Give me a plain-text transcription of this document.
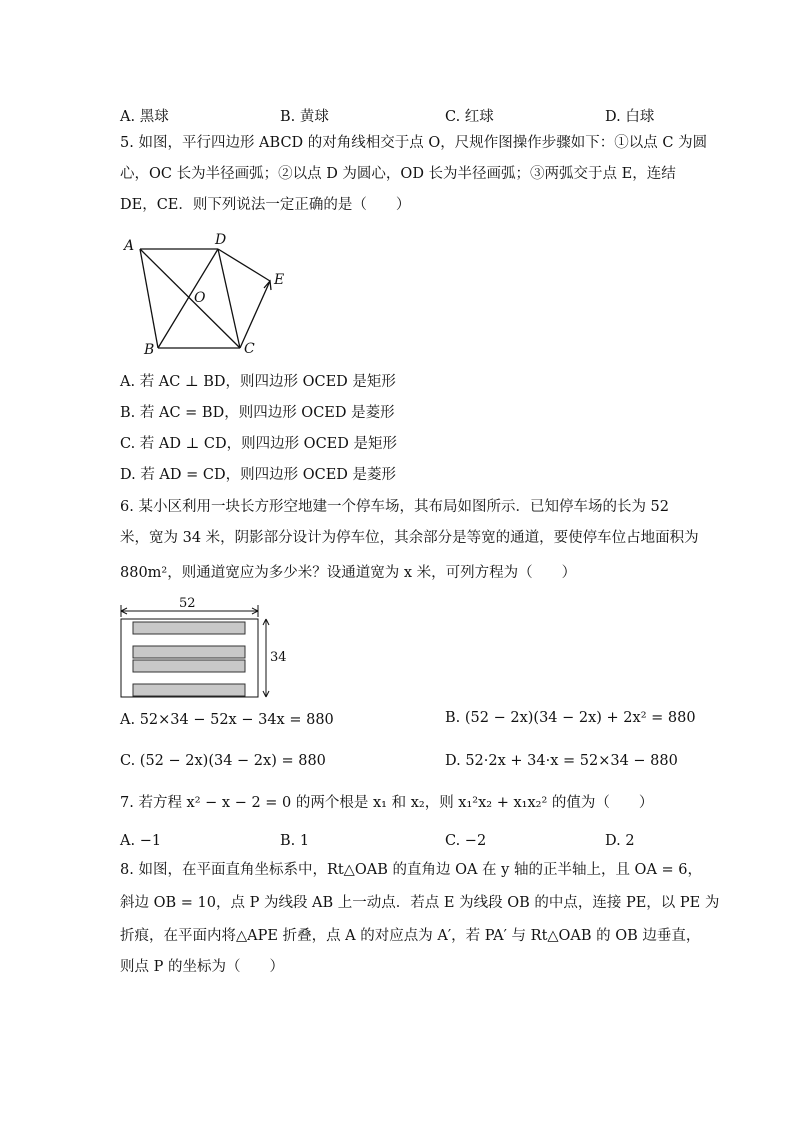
A. 黑球	B. 黄球	C. 红球	D. 白球
5. 如图，平行四边形 ABCD 的对角线相交于点 O，尺规作图操作步骤如下：①以点 C 为圆
心，OC 长为半径画弧；②以点 D 为圆心，OD 长为半径画弧；③两弧交于点 E，连结
DE，CE．则下列说法一定正确的是（　　）
A	D
O
E
B	C
A. 若 AC ⊥ BD，则四边形 OCED 是矩形
B. 若 AC = BD，则四边形 OCED 是菱形
C. 若 AD ⊥ CD，则四边形 OCED 是矩形
D. 若 AD = CD，则四边形 OCED 是菱形
6. 某小区利用一块长方形空地建一个停车场，其布局如图所示．已知停车场的长为 52
米，宽为 34 米，阴影部分设计为停车位，其余部分是等宽的通道，要使停车位占地面积为
880m²，则通道宽应为多少米？设通道宽为 x 米，可列方程为（　　）
52
34
A. 52×34 − 52x − 34x = 880	B. (52 − 2x)(34 − 2x) + 2x² = 880
C. (52 − 2x)(34 − 2x) = 880	D. 52·2x + 34·x = 52×34 − 880
7. 若方程 x² − x − 2 = 0 的两个根是 x₁ 和 x₂，则 x₁²x₂ + x₁x₂² 的值为（　　）
A. −1	B. 1	C. −2	D. 2
8. 如图，在平面直角坐标系中，Rt△OAB 的直角边 OA 在 y 轴的正半轴上，且 OA = 6，
斜边 OB = 10，点 P 为线段 AB 上一动点．若点 E 为线段 OB 的中点，连接 PE，以 PE 为
折痕，在平面内将△APE 折叠，点 A 的对应点为 A′，若 PA′ 与 Rt△OAB 的 OB 边垂直，
则点 P 的坐标为（　　）
